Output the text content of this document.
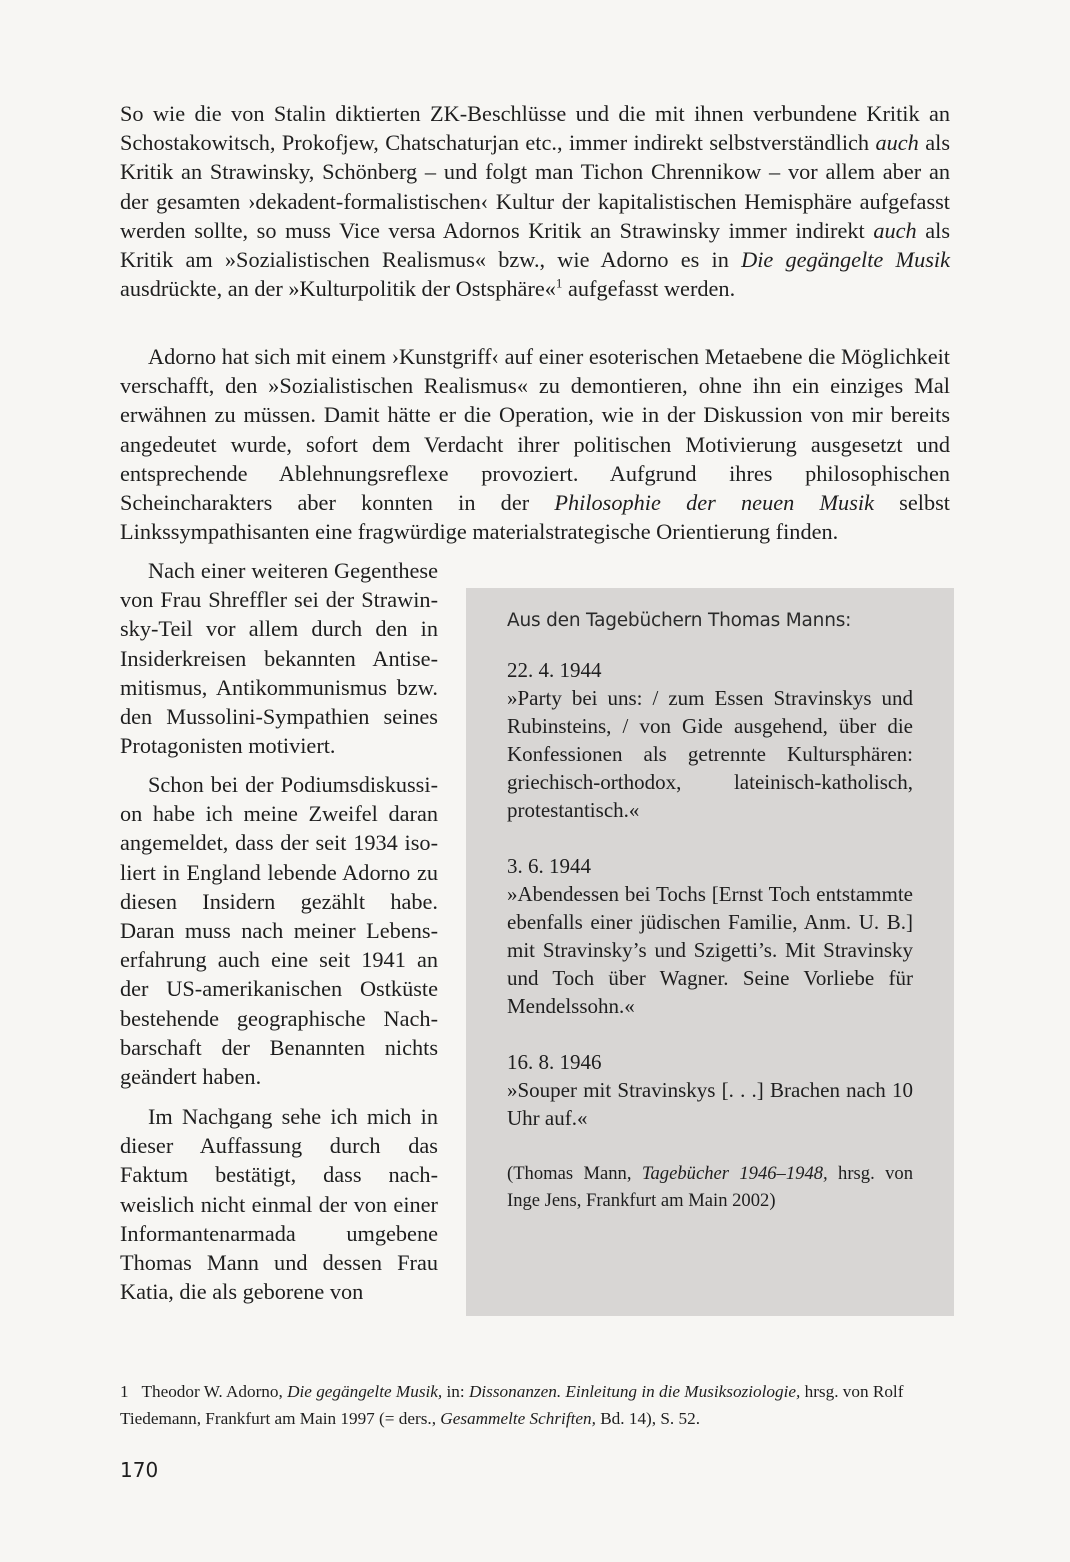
So wie die von Stalin diktierten ZK-Beschlüsse und die mit ihnen verbundene Kritik an Schostakowitsch, Prokofjew, Chatschaturjan etc., immer indirekt selbstverständlich auch als Kritik an Strawinsky, Schönberg – und folgt man Tichon Chrennikow – vor allem aber an der gesamten ›dekadent-formalistischen‹ Kultur der kapitalistischen Hemisphäre aufgefasst werden sollte, so muss Vice versa Adornos Kritik an Strawinsky immer indirekt auch als Kritik am »Sozialistischen Realismus« bzw., wie Adorno es in Die gegängelte Musik ausdrückte, an der »Kulturpolitik der Ostsphäre«$^1$ aufgefasst werden.

Adorno hat sich mit einem ›Kunstgriff‹ auf einer esoterischen Metaebene die Möglichkeit verschafft, den »Sozialistischen Realismus« zu demontieren, ohne ihn ein einziges Mal erwähnen zu müssen. Damit hätte er die Operation, wie in der Diskussion von mir bereits angedeutet wurde, sofort dem Verdacht ihrer politischen Motivierung ausgesetzt und entsprechende Ablehnungsreflexe provoziert. Aufgrund ihres philosophischen Scheincharakters aber konnten in der Philosophie der neuen Musik selbst Linkssympathisanten eine fragwürdige materialstrategische Orientierung finden.

Nach einer weiteren Gegenthese von Frau Shreffler sei der Strawinsky-Teil vor allem durch den in Insiderkreisen bekannten Antisemitismus, Antikommunismus bzw. den Mussolini-Sympathien seines Protagonisten motiviert.

Schon bei der Podiumsdiskussion habe ich meine Zweifel daran angemeldet, dass der seit 1934 isoliert in England lebende Adorno zu diesen Insidern gezählt habe. Daran muss nach meiner Lebenserfahrung auch eine seit 1941 an der US-amerikanischen Ostküste bestehende geographische Nachbarschaft der Benannten nichts geändert haben.

Im Nachgang sehe ich mich in dieser Auffassung durch das Faktum bestätigt, dass nachweislich nicht einmal der von einer Informantenarmada umgebene Thomas Mann und dessen Frau Katia, die als geborene von

Aus den Tagebüchern Thomas Manns:

22. 4. 1944

»Party bei uns: / zum Essen Stravinskys und Rubinsteins, / von Gide ausgehend, über die Konfessionen als getrennte Kultursphären: griechisch-orthodox, lateinisch-katholisch, protestantisch.«

3. 6. 1944

»Abendessen bei Tochs [Ernst Toch entstammte ebenfalls einer jüdischen Familie, Anm. U. B.] mit Stravinsky’s und Szigetti’s. Mit Stravinsky und Toch über Wagner. Seine Vorliebe für Mendelssohn.«

16. 8. 1946

»Souper mit Stravinskys [. . .] Brachen nach 10 Uhr auf.«

(Thomas Mann, Tagebücher 1946–1948, hrsg. von Inge Jens, Frankfurt am Main 2002)

1 Theodor W. Adorno, Die gegängelte Musik, in: Dissonanzen. Einleitung in die Musiksoziologie, hrsg. von Rolf Tiedemann, Frankfurt am Main 1997 (= ders., Gesammelte Schriften, Bd. 14), S. 52.

170
